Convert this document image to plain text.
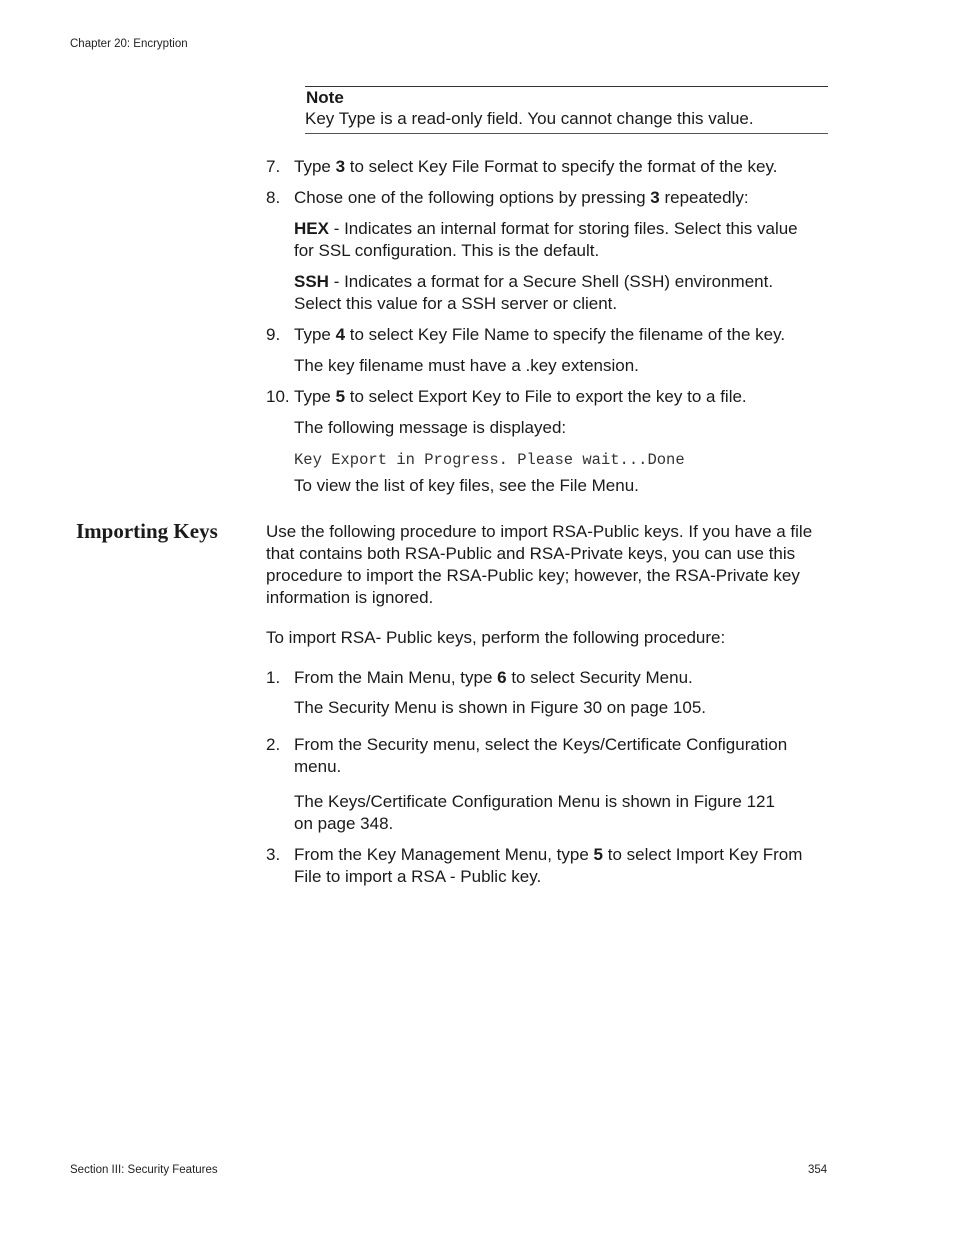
Chapter 20: Encryption
Note
Key Type is a read-only field. You cannot change this value.
7. Type 3 to select Key File Format to specify the format of the key.
8. Chose one of the following options by pressing 3 repeatedly:
HEX - Indicates an internal format for storing files. Select this value for SSL configuration. This is the default.
SSH - Indicates a format for a Secure Shell (SSH) environment. Select this value for a SSH server or client.
9. Type 4 to select Key File Name to specify the filename of the key.
The key filename must have a .key extension.
10. Type 5 to select Export Key to File to export the key to a file.
The following message is displayed:
Key Export in Progress. Please wait...Done
To view the list of key files, see the File Menu.
Importing Keys	Use the following procedure to import RSA-Public keys. If you have a file that contains both RSA-Public and RSA-Private keys, you can use this procedure to import the RSA-Public key; however, the RSA-Private key information is ignored.
To import RSA- Public keys, perform the following procedure:
1. From the Main Menu, type 6 to select Security Menu.
The Security Menu is shown in Figure 30 on page 105.
2. From the Security menu, select the Keys/Certificate Configuration menu.
The Keys/Certificate Configuration Menu is shown in Figure 121 on page 348.
3. From the Key Management Menu, type 5 to select Import Key From File to import a RSA - Public key.
Section III: Security Features	354
